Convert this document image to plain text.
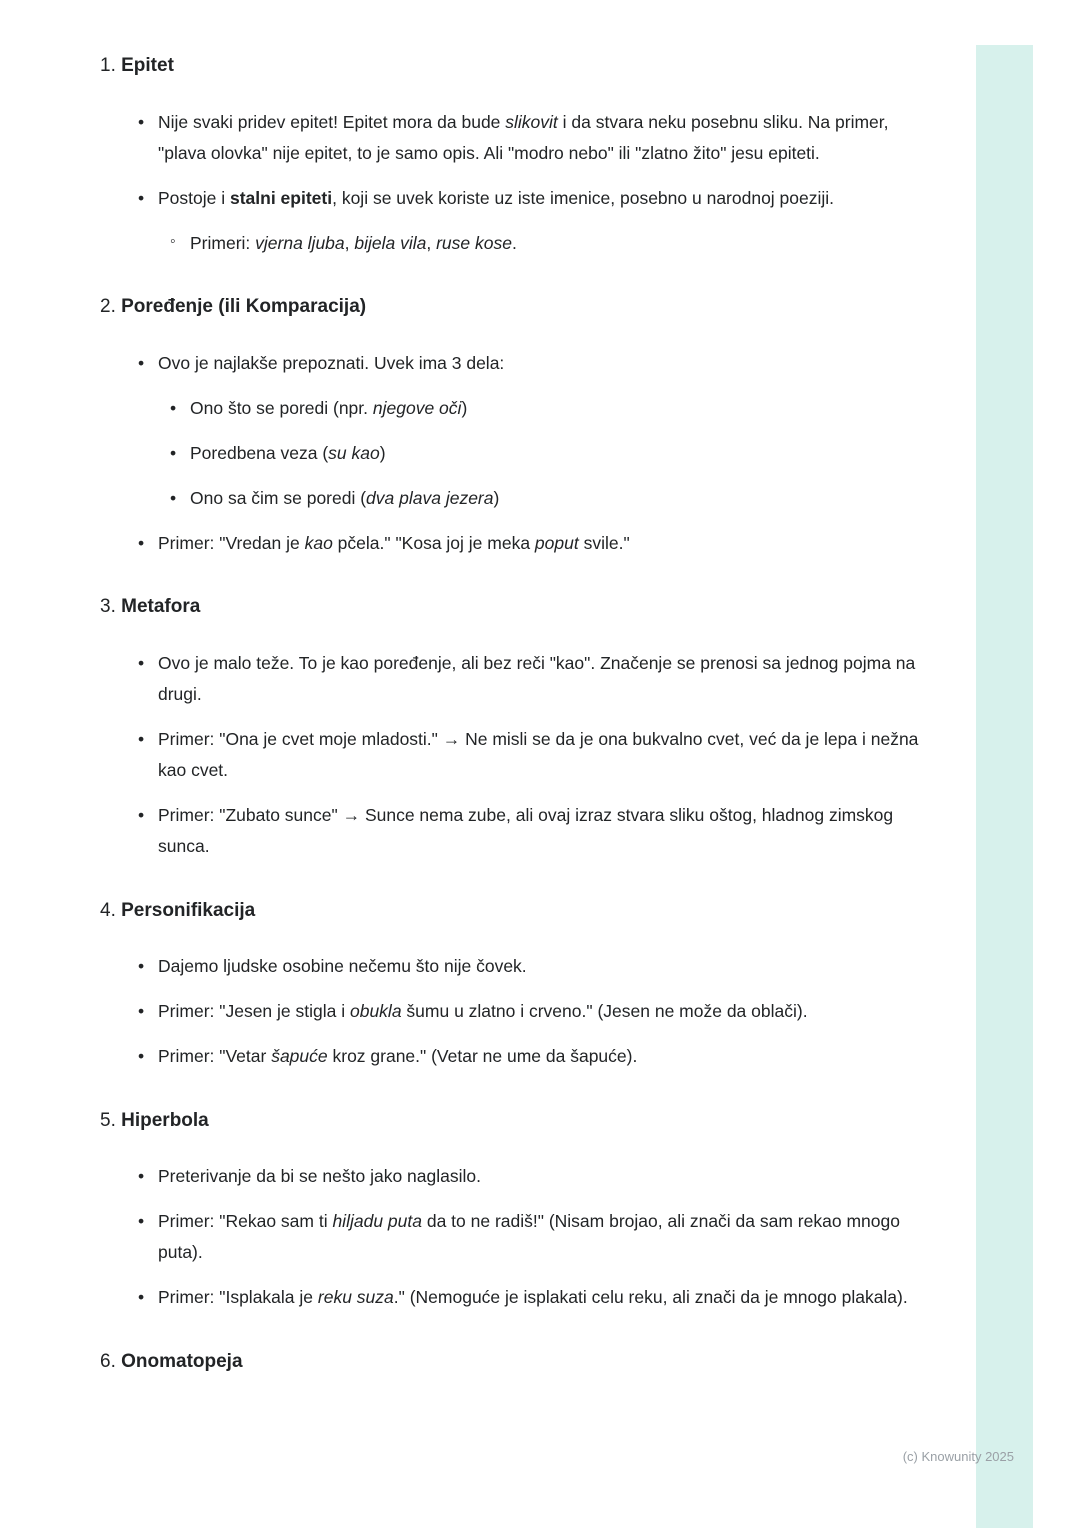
1. Epitet
• Nije svaki pridev epitet! Epitet mora da bude slikovit i da stvara neku posebnu sliku. Na primer, "plava olovka" nije epitet, to je samo opis. Ali "modro nebo" ili "zlatno žito" jesu epiteti.
• Postoje i stalni epiteti, koji se uvek koriste uz iste imenice, posebno u narodnoj poeziji.
◦ Primeri: vjerna ljuba, bijela vila, ruse kose.
2. Poređenje (ili Komparacija)
• Ovo je najlakše prepoznati. Uvek ima 3 dela:
• Ono što se poredi (npr. njegove oči)
• Poredbena veza (su kao)
• Ono sa čim se poredi (dva plava jezera)
• Primer: "Vredan je kao pčela." "Kosa joj je meka poput svile."
3. Metafora
• Ovo je malo teže. To je kao poređenje, ali bez reči "kao". Značenje se prenosi sa jednog pojma na drugi.
• Primer: "Ona je cvet moje mladosti." → Ne misli se da je ona bukvalno cvet, već da je lepa i nežna kao cvet.
• Primer: "Zubato sunce" → Sunce nema zube, ali ovaj izraz stvara sliku oštog, hladnog zimskog sunca.
4. Personifikacija
• Dajemo ljudske osobine nečemu što nije čovek.
• Primer: "Jesen je stigla i obukla šumu u zlatno i crveno." (Jesen ne može da oblači).
• Primer: "Vetar šapuće kroz grane." (Vetar ne ume da šapuće).
5. Hiperbola
• Preterivanje da bi se nešto jako naglasilo.
• Primer: "Rekao sam ti hiljadu puta da to ne radiš!" (Nisam brojao, ali znači da sam rekao mnogo puta).
• Primer: "Isplakala je reku suza." (Nemoguće je isplakati celu reku, ali znači da je mnogo plakala).
6. Onomatopeja
(c) Knowunity 2025
